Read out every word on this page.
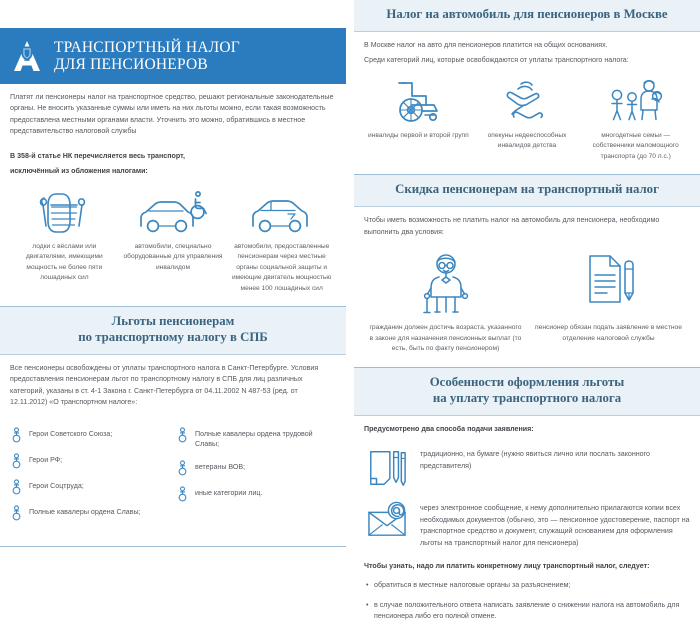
ТРАНСПОРТНЫЙ НАЛОГ
ДЛЯ ПЕНСИОНЕРОВ

Платят ли пенсионеры налог на транспортное средство, решают региональные законодательные органы. Не вносить указанные суммы или иметь на них льготы можно, если такая возможность предоставлена местными органами власти. Уточнить это можно, обратившись в местное представительство налоговой службы

В 358-й статье НК перечисляется весь транспорт,

исключённый из обложения налогами:

лодки с вёслами или двигателями, имеющими мощность не более пяти лошадиных сил
автомобили, специально оборудованные для управления инвалидом
автомобили, предоставленные пенсионерам через местные органы социальной защиты и имеющие двигатель мощностью менее 100 лошадиных сил
Льготы пенсионерам
по транспортному налогу в СПБ

Все пенсионеры освобождены от уплаты транспортного налога в Санкт-Петербурге. Условия предоставления пенсионерам льгот по транспортному налогу в СПБ для лиц различных категорий, указаны в ст. 4-1 Закона г. Санкт-Петербурга от 04.11.2002 N 487-53 (ред. от 12.11.2012) «О транспортном налоге»:

Герои Советского Союза;
Герои РФ;
Герои Соцтруда;
Полные кавалеры ордена Славы;
Полные кавалеры ордена трудовой Славы;
ветераны ВОВ;
иные категории лиц.
Налог на автомобиль для пенсионеров в Москве

В Москве налог на авто для пенсионеров платится на общих основаниях.

Среди категорий лиц, которые освобождаются от уплаты транспортного налога:

инвалиды первой и второй групп	опекуны недееспособных инвалидов детства
многодетные семьи — собственники маломощного транспорта (до 70 л.с.)
Скидка пенсионерам на транспортный налог

Чтобы иметь возможность не платить налог на автомобиль для пенсионера, необходимо выполнить два условия:

гражданин должен достичь возраста, указанного в законе для назначения пенсионных выплат (то есть, быть по факту пенсионером)
пенсионер обязан подать заявление в местное отделение налоговой службы
Особенности оформления льготы
на уплату транспортного налога

Предусмотрено два способа подачи заявления:

традиционно, на бумаге (нужно явиться лично или послать законного представителя)
через электронное сообщение, к нему дополнительно прилагаются копии всех необходимых документов (обычно, это — пенсионное удостоверение, паспорт на транспортное средство и документ, служащий основанием для оформления льготы на транспортный налог для пенсионера)

Чтобы узнать, надо ли платить конкретному лицу транспортный налог, следует:

• обратиться в местные налоговые органы за разъяснением;
• в случае положительного ответа написать заявление о снижении налога на автомобиль для пенсионера либо его полной отмене.
